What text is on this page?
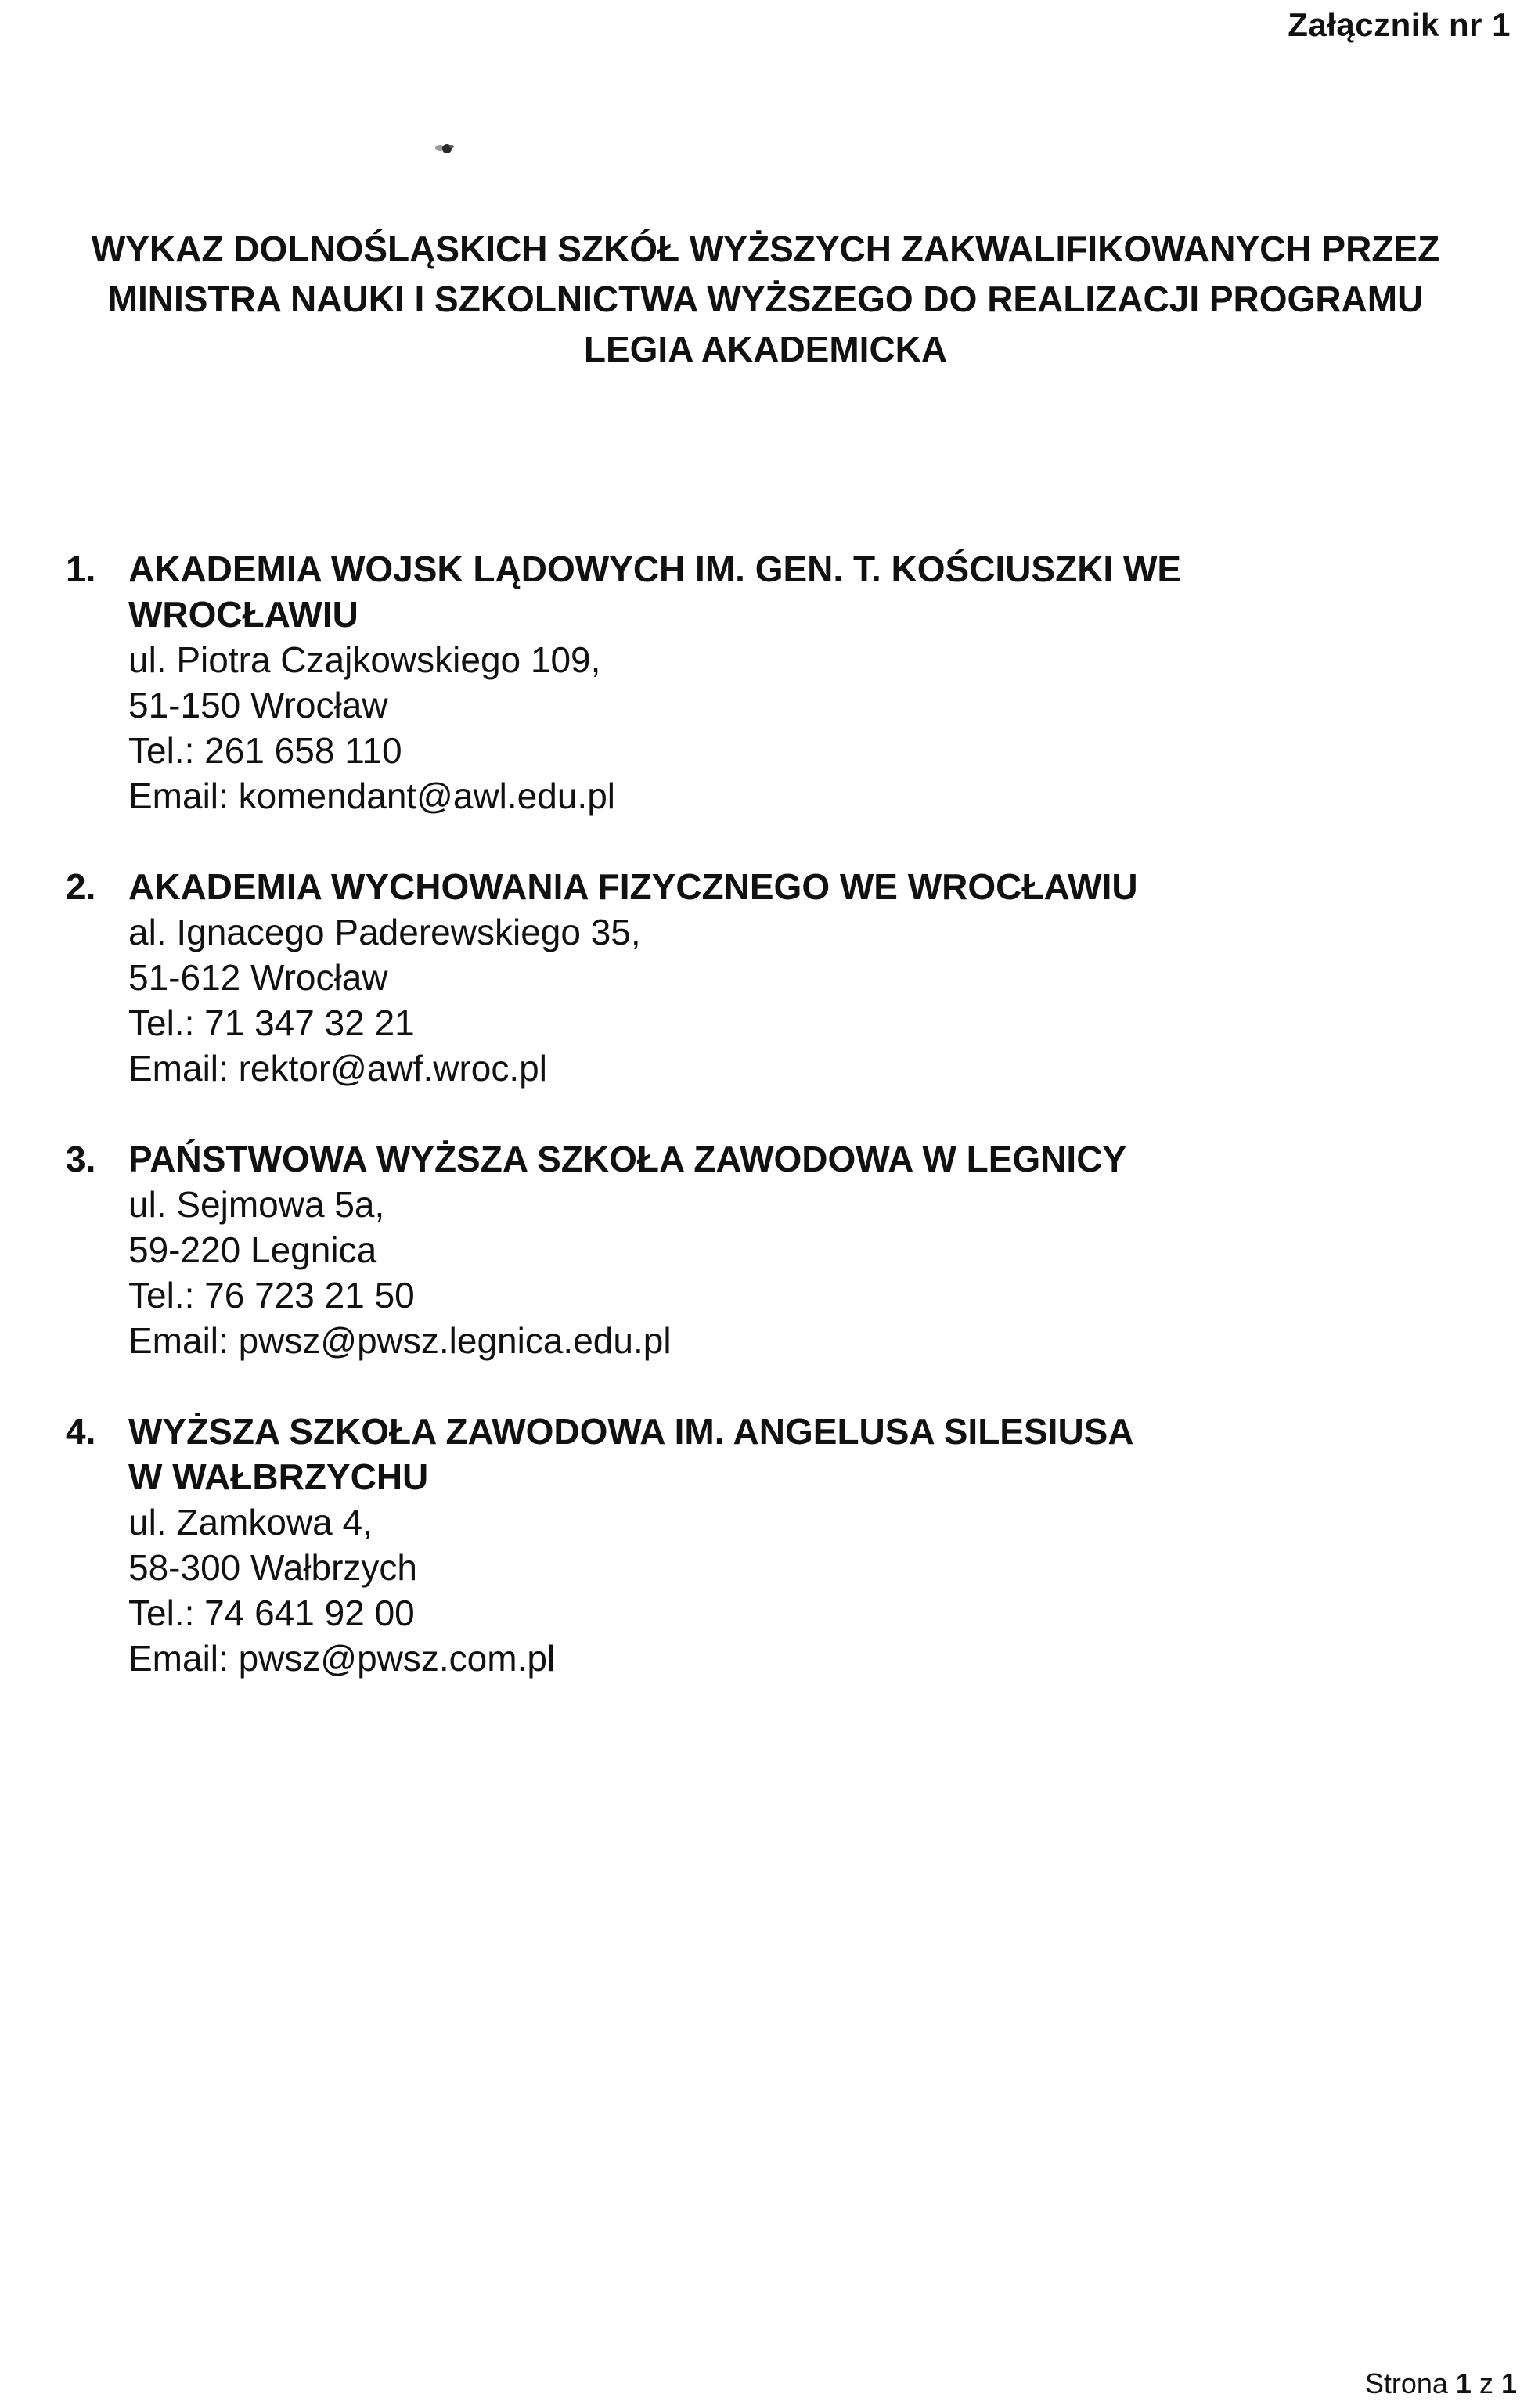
Załącznik nr 1
WYKAZ DOLNOŚLĄSKICH SZKÓŁ WYŻSZYCH ZAKWALIFIKOWANYCH PRZEZ
MINISTRA NAUKI I SZKOLNICTWA WYŻSZEGO DO REALIZACJI PROGRAMU
LEGIA AKADEMICKA
1. AKADEMIA WOJSK LĄDOWYCH IM. GEN. T. KOŚCIUSZKI WE
WROCŁAWIU
ul. Piotra Czajkowskiego 109,
51-150 Wrocław
Tel.: 261 658 110
Email: komendant@awl.edu.pl
2. AKADEMIA WYCHOWANIA FIZYCZNEGO WE WROCŁAWIU
al. Ignacego Paderewskiego 35,
51-612 Wrocław
Tel.: 71 347 32 21
Email: rektor@awf.wroc.pl
3. PAŃSTWOWA WYŻSZA SZKOŁA ZAWODOWA W LEGNICY
ul. Sejmowa 5a,
59-220 Legnica
Tel.: 76 723 21 50
Email: pwsz@pwsz.legnica.edu.pl
4. WYŻSZA SZKOŁA ZAWODOWA IM. ANGELUSA SILESIUSA
W WAŁBRZYCHU
ul. Zamkowa 4,
58-300 Wałbrzych
Tel.: 74 641 92 00
Email: pwsz@pwsz.com.pl
Strona 1 z 1
